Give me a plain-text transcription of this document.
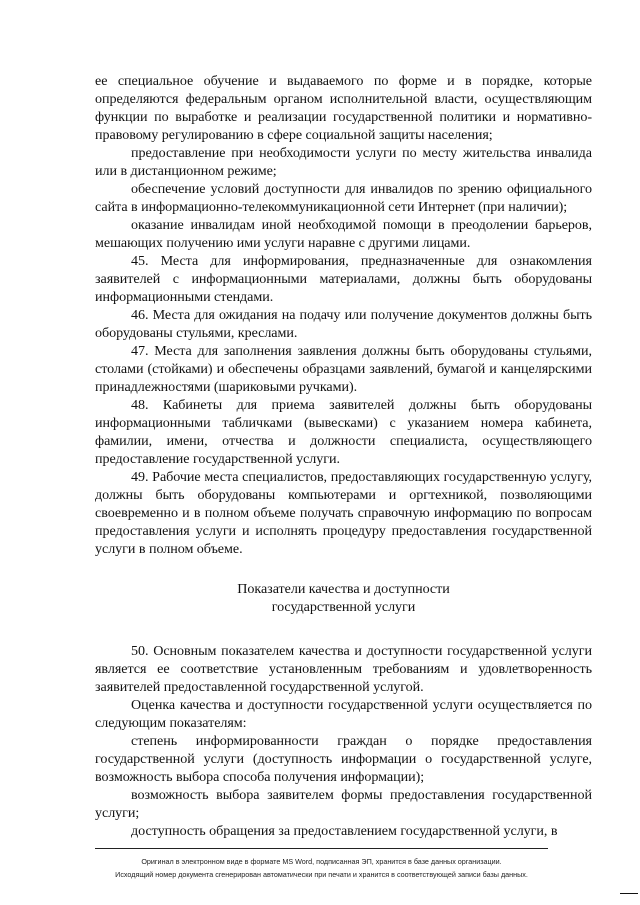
ее специальное обучение и выдаваемого по форме и в порядке, которые определяются федеральным органом исполнительной власти, осуществляющим функции по выработке и реализации государственной политики и нормативно-правовому регулированию в сфере социальной защиты населения;

предоставление при необходимости услуги по месту жительства инвалида или в дистанционном режиме;

обеспечение условий доступности для инвалидов по зрению официального сайта в информационно-телекоммуникационной сети Интернет (при наличии);

оказание инвалидам иной необходимой помощи в преодолении барьеров, мешающих получению ими услуги наравне с другими лицами.

45. Места для информирования, предназначенные для ознакомления заявителей с информационными материалами, должны быть оборудованы информационными стендами.

46. Места для ожидания на подачу или получение документов должны быть оборудованы стульями, креслами.

47. Места для заполнения заявления должны быть оборудованы стульями, столами (стойками) и обеспечены образцами заявлений, бумагой и канцелярскими принадлежностями (шариковыми ручками).

48. Кабинеты для приема заявителей должны быть оборудованы информационными табличками (вывесками) с указанием номера кабинета, фамилии, имени, отчества и должности специалиста, осуществляющего предоставление государственной услуги.

49. Рабочие места специалистов, предоставляющих государственную услугу, должны быть оборудованы компьютерами и оргтехникой, позволяющими своевременно и в полном объеме получать справочную информацию по вопросам предоставления услуги и исполнять процедуру предоставления государственной услуги в полном объеме.

Показатели качества и доступности
государственной услуги

50. Основным показателем качества и доступности государственной услуги является ее соответствие установленным требованиям и удовлетворенность заявителей предоставленной государственной услугой.

Оценка качества и доступности государственной услуги осуществляется по следующим показателям:

степень информированности граждан о порядке предоставления государственной услуги (доступность информации о государственной услуге, возможность выбора способа получения информации);

возможность выбора заявителем формы предоставления государственной услуги;

доступность обращения за предоставлением государственной услуги, в

Оригинал в электронном виде в формате MS Word, подписанная ЭП, хранится в базе данных организации.
Исходящий номер документа сгенерирован автоматически при печати и хранится в соответствующей записи базы данных.
